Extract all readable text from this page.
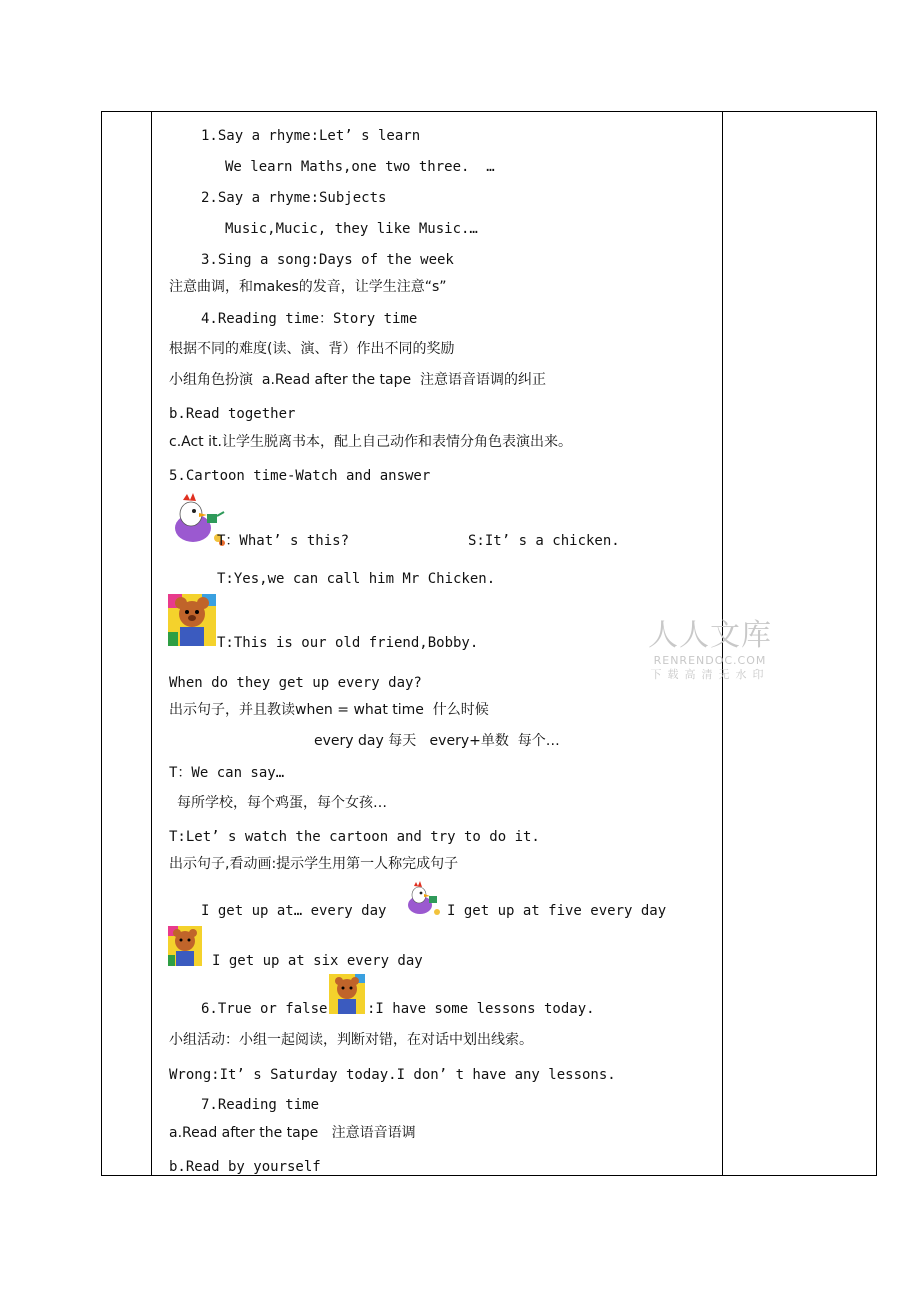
1.Say a rhyme:Let’ s learn
We learn Maths,one two three.  …
2.Say a rhyme:Subjects
Music,Mucic, they like Music.…
3.Sing a song:Days of the week
注意曲调，和makes的发音，让学生注意“s”
4.Reading time：Story time
根据不同的难度(读、演、背）作出不同的奖励
小组角色扮演  a.Read after the tape  注意语音语调的纠正
b.Read together
c.Act it.让学生脱离书本，配上自己动作和表情分角色表演出来。
5.Cartoon time-Watch and answer
T：What’ s this?	S:It’ s a chicken.
T:Yes,we can call him Mr Chicken.
T:This is our old friend,Bobby.
When do they get up every day?
出示句子，并且教读when = what time  什么时候
every day 每天   every+单数  每个…
T：We can say…
每所学校，每个鸡蛋，每个女孩…
T:Let’ s watch the cartoon and try to do it.
出示句子,看动画:提示学生用第一人称完成句子
I get up at… every day	I get up at five every day
I get up at six every day
6.True or false	:I have some lessons today.
小组活动：小组一起阅读，判断对错，在对话中划出线索。
Wrong:It’ s Saturday today.I don’ t have any lessons.
7.Reading time
a.Read after the tape   注意语音语调
b.Read by yourself
人人文库
RENRENDOC.COM
下载高清无水印
